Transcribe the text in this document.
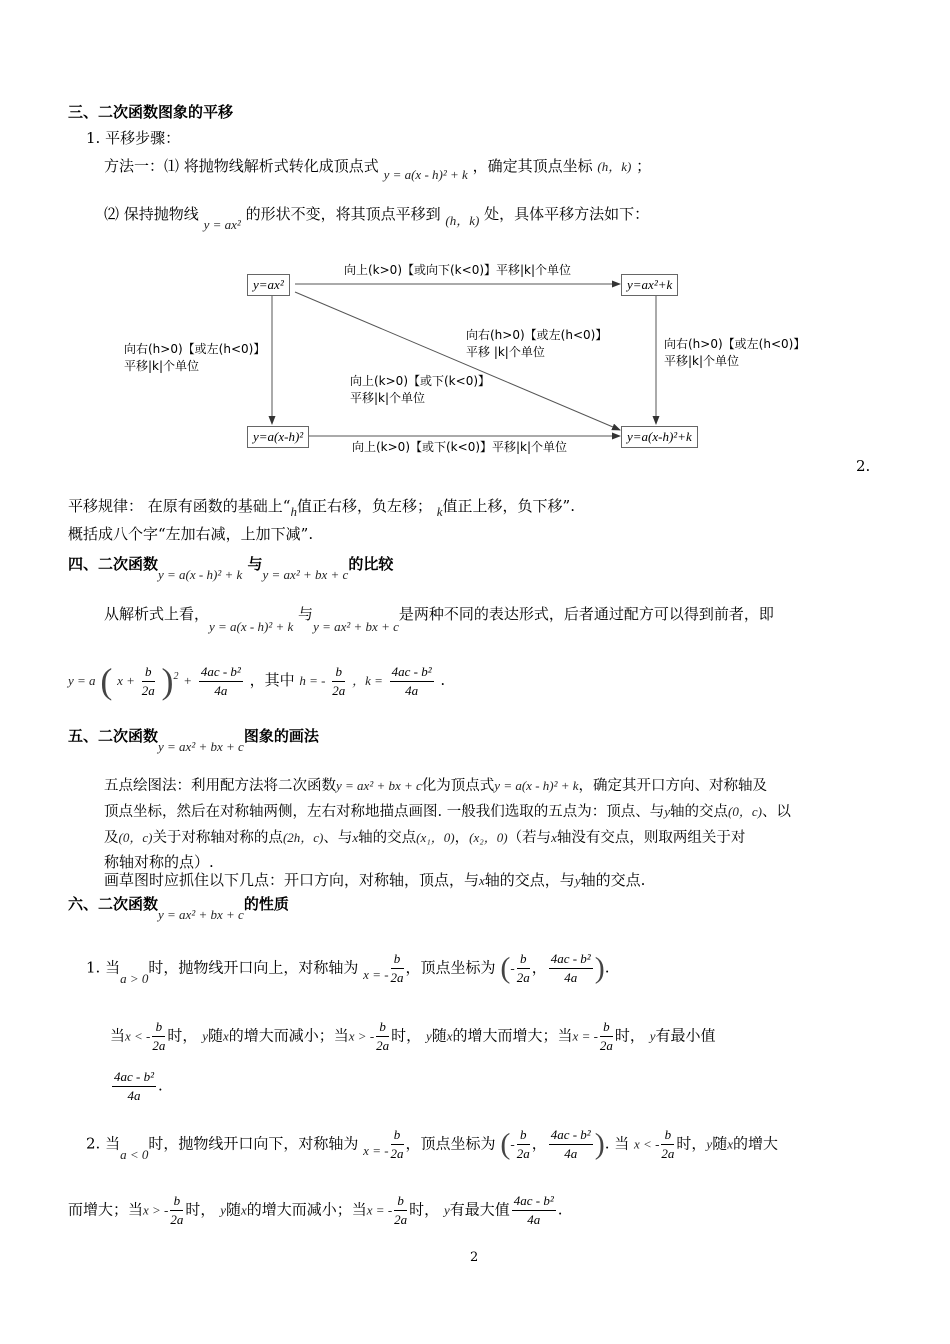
三、二次函数图象的平移
1. 平移步骤：
方法一：⑴ 将抛物线解析式转化成顶点式 y = a(x - h)² + k ，确定其顶点坐标 (h，k) ；
⑵ 保持抛物线 y = ax² 的形状不变，将其顶点平移到 (h，k) 处，具体平移方法如下：
y=ax²	y=ax²+k
y=a(x-h)²	y=a(x-h)²+k
向上(k>0)【或向下(k<0)】平移|k|个单位
向右(h>0)【或左(h<0)】
平移|k|个单位
向右(h>0)【或左(h<0)】
平移 |k|个单位
向上(k>0)【或下(k<0)】
平移|k|个单位
向右(h>0)【或左(h<0)】
平移|k|个单位
向上(k>0)【或下(k<0)】平移|k|个单位
2.
平移规律： 在原有函数的基础上“h值正右移，负左移； k值正上移，负下移”.
概括成八个字“左加右减，上加下减”.
四、二次函数y = a(x - h)² + k 与y = ax² + bx + c的比较
从解析式上看，y = a(x - h)² + k 与y = ax² + bx + c是两种不同的表达形式，后者通过配方可以得到前者，即
y = a ( $x + \frac{b}{2a} )^2 + \frac{\text{4ac - b²}}{4a}$ ，其中 h = - $\frac{b}{2a}$ ，$k = \frac{\text{4ac - b²}}{4a}$ .
五、二次函数y = ax² + bx + c图象的画法
五点绘图法：利用配方法将二次函数y = ax² + bx + c化为顶点式y = a(x - h)² + k，确定其开口方向、对称轴及
顶点坐标，然后在对称轴两侧，左右对称地描点画图. 一般我们选取的五点为：顶点、与y轴的交点(0，c)、以
及(0，c)关于对称轴对称的点(2h，c)、与x轴的交点(x₁，0)，(x₂，0)（若与x轴没有交点，则取两组关于对
称轴对称的点）.
画草图时应抓住以下几点：开口方向，对称轴，顶点，与x轴的交点，与y轴的交点.
六、二次函数y = ax² + bx + c的性质
1. 当a > 0时，抛物线开口向上，对称轴为 x = - $\frac{b}{2a}$ ，顶点坐标为 (- $\frac{b}{2a}$ ， $\frac{\text{4ac - b²}}{4a}$ ).
当x < - $\frac{b}{2a}$ 时， y随x的增大而减小；当x > - $\frac{b}{2a}$ 时， y随x的增大而增大；当x = - $\frac{b}{2a}$ 时， y有最小值
$\frac{\text{4ac - b²}}{4a}$ .
2. 当a < 0时，抛物线开口向下，对称轴为 x = - $\frac{b}{2a}$ ，顶点坐标为 (- $\frac{b}{2a}$ ， $\frac{\text{4ac - b²}}{4a}$ ). 当 x < - $\frac{b}{2a}$ 时，y随x的增大
而增大；当x > - $\frac{b}{2a}$ 时， y随x的增大而减小；当x = - $\frac{b}{2a}$ 时， y有最大值 $\frac{\text{4ac - b²}}{4a}$ .
2
